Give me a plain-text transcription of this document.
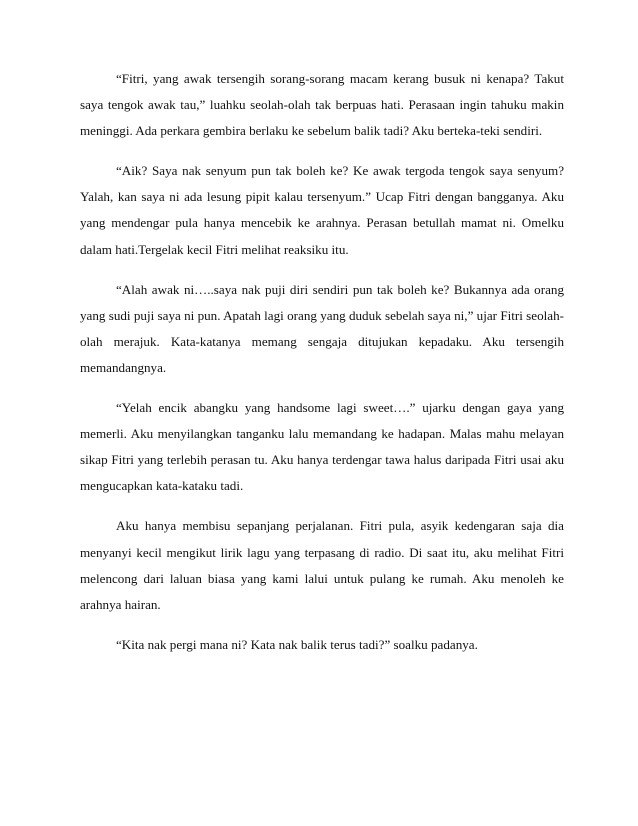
“Fitri, yang awak tersengih sorang-sorang macam kerang busuk ni kenapa? Takut saya tengok awak tau,” luahku seolah-olah tak berpuas hati. Perasaan ingin tahuku makin meninggi. Ada perkara gembira berlaku ke sebelum balik tadi? Aku berteka-teki sendiri.

“Aik? Saya nak senyum pun tak boleh ke? Ke awak tergoda tengok saya senyum? Yalah, kan saya ni ada lesung pipit kalau tersenyum.” Ucap Fitri dengan bangganya. Aku yang mendengar pula hanya mencebik ke arahnya. Perasan betullah mamat ni. Omelku dalam hati.Tergelak kecil Fitri melihat reaksiku itu.

“Alah awak ni…..saya nak puji diri sendiri pun tak boleh ke? Bukannya ada orang yang sudi puji saya ni pun. Apatah lagi orang yang duduk sebelah saya ni,” ujar Fitri seolah-olah merajuk. Kata-katanya memang sengaja ditujukan kepadaku. Aku tersengih memandangnya.

“Yelah encik abangku yang handsome lagi sweet….” ujarku dengan gaya yang memerli. Aku menyilangkan tanganku lalu memandang ke hadapan. Malas mahu melayan sikap Fitri yang terlebih perasan tu. Aku hanya terdengar tawa halus daripada Fitri usai aku mengucapkan kata-kataku tadi.

Aku hanya membisu sepanjang perjalanan. Fitri pula, asyik kedengaran saja dia menyanyi kecil mengikut lirik lagu yang terpasang di radio. Di saat itu, aku melihat Fitri melencong dari laluan biasa yang kami lalui untuk pulang ke rumah. Aku menoleh ke arahnya hairan.

“Kita nak pergi mana ni? Kata nak balik terus tadi?” soalku padanya.
